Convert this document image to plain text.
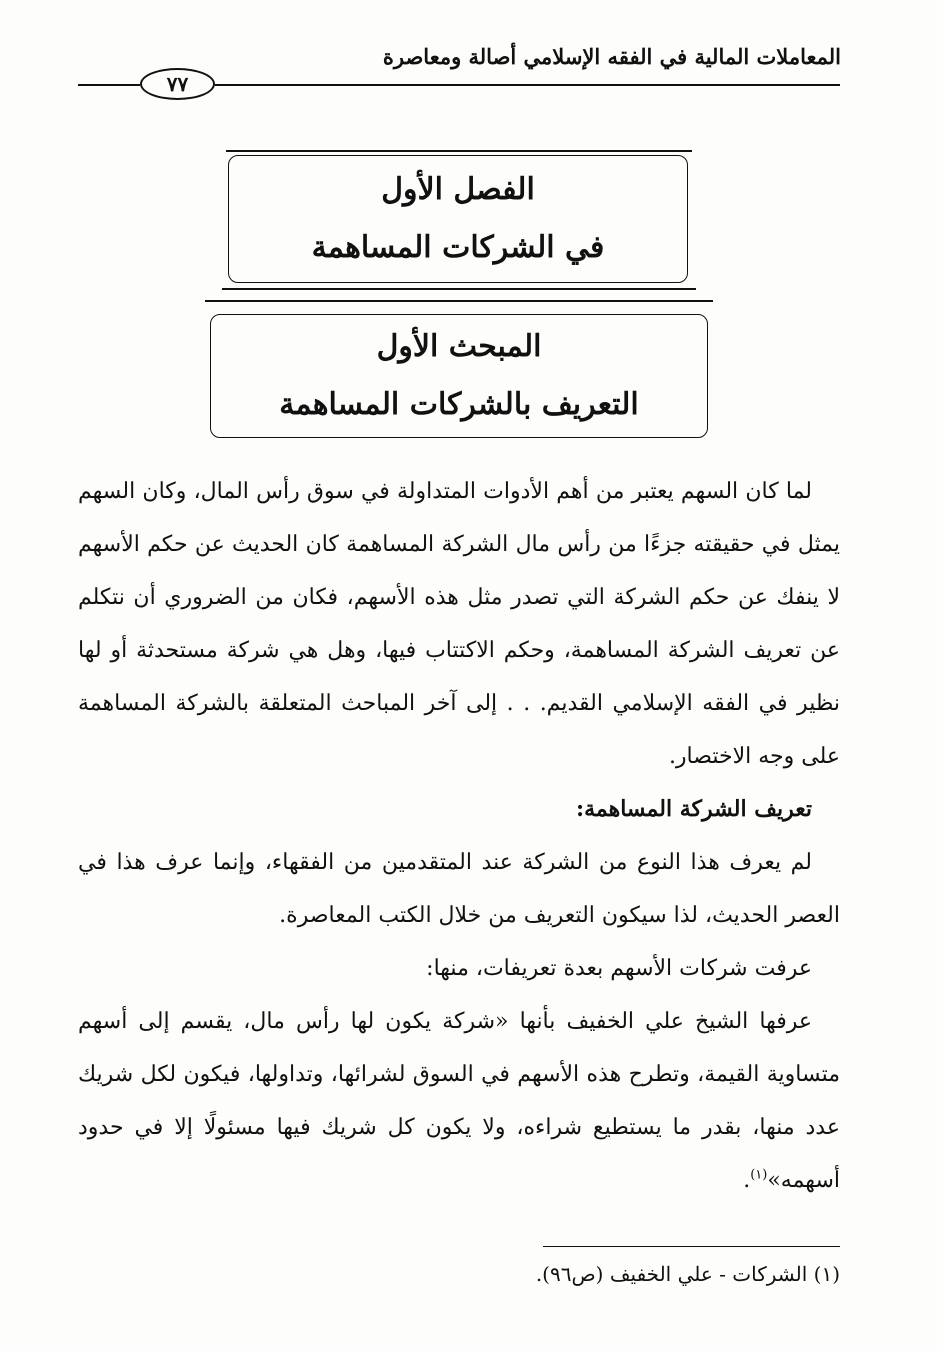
المعاملات المالية في الفقه الإسلامي أصالة ومعاصرة
٧٧
الفصل الأول
في الشركات المساهمة
المبحث الأول
التعريف بالشركات المساهمة

لما كان السهم يعتبر من أهم الأدوات المتداولة في سوق رأس المال، وكان السهم يمثل في حقيقته جزءًا من رأس مال الشركة المساهمة كان الحديث عن حكم الأسهم لا ينفك عن حكم الشركة التي تصدر مثل هذه الأسهم، فكان من الضروري أن نتكلم عن تعريف الشركة المساهمة، وحكم الاكتتاب فيها، وهل هي شركة مستحدثة أو لها نظير في الفقه الإسلامي القديم. . . إلى آخر المباحث المتعلقة بالشركة المساهمة على وجه الاختصار.

تعريف الشركة المساهمة:

لم يعرف هذا النوع من الشركة عند المتقدمين من الفقهاء، وإنما عرف هذا في العصر الحديث، لذا سيكون التعريف من خلال الكتب المعاصرة.

عرفت شركات الأسهم بعدة تعريفات، منها:

عرفها الشيخ علي الخفيف بأنها «شركة يكون لها رأس مال، يقسم إلى أسهم متساوية القيمة، وتطرح هذه الأسهم في السوق لشرائها، وتداولها، فيكون لكل شريك عدد منها، بقدر ما يستطيع شراءه، ولا يكون كل شريك فيها مسئولًا إلا في حدود أسهمه»$^{(١)}$.

(١) الشركات - علي الخفيف (ص٩٦).
